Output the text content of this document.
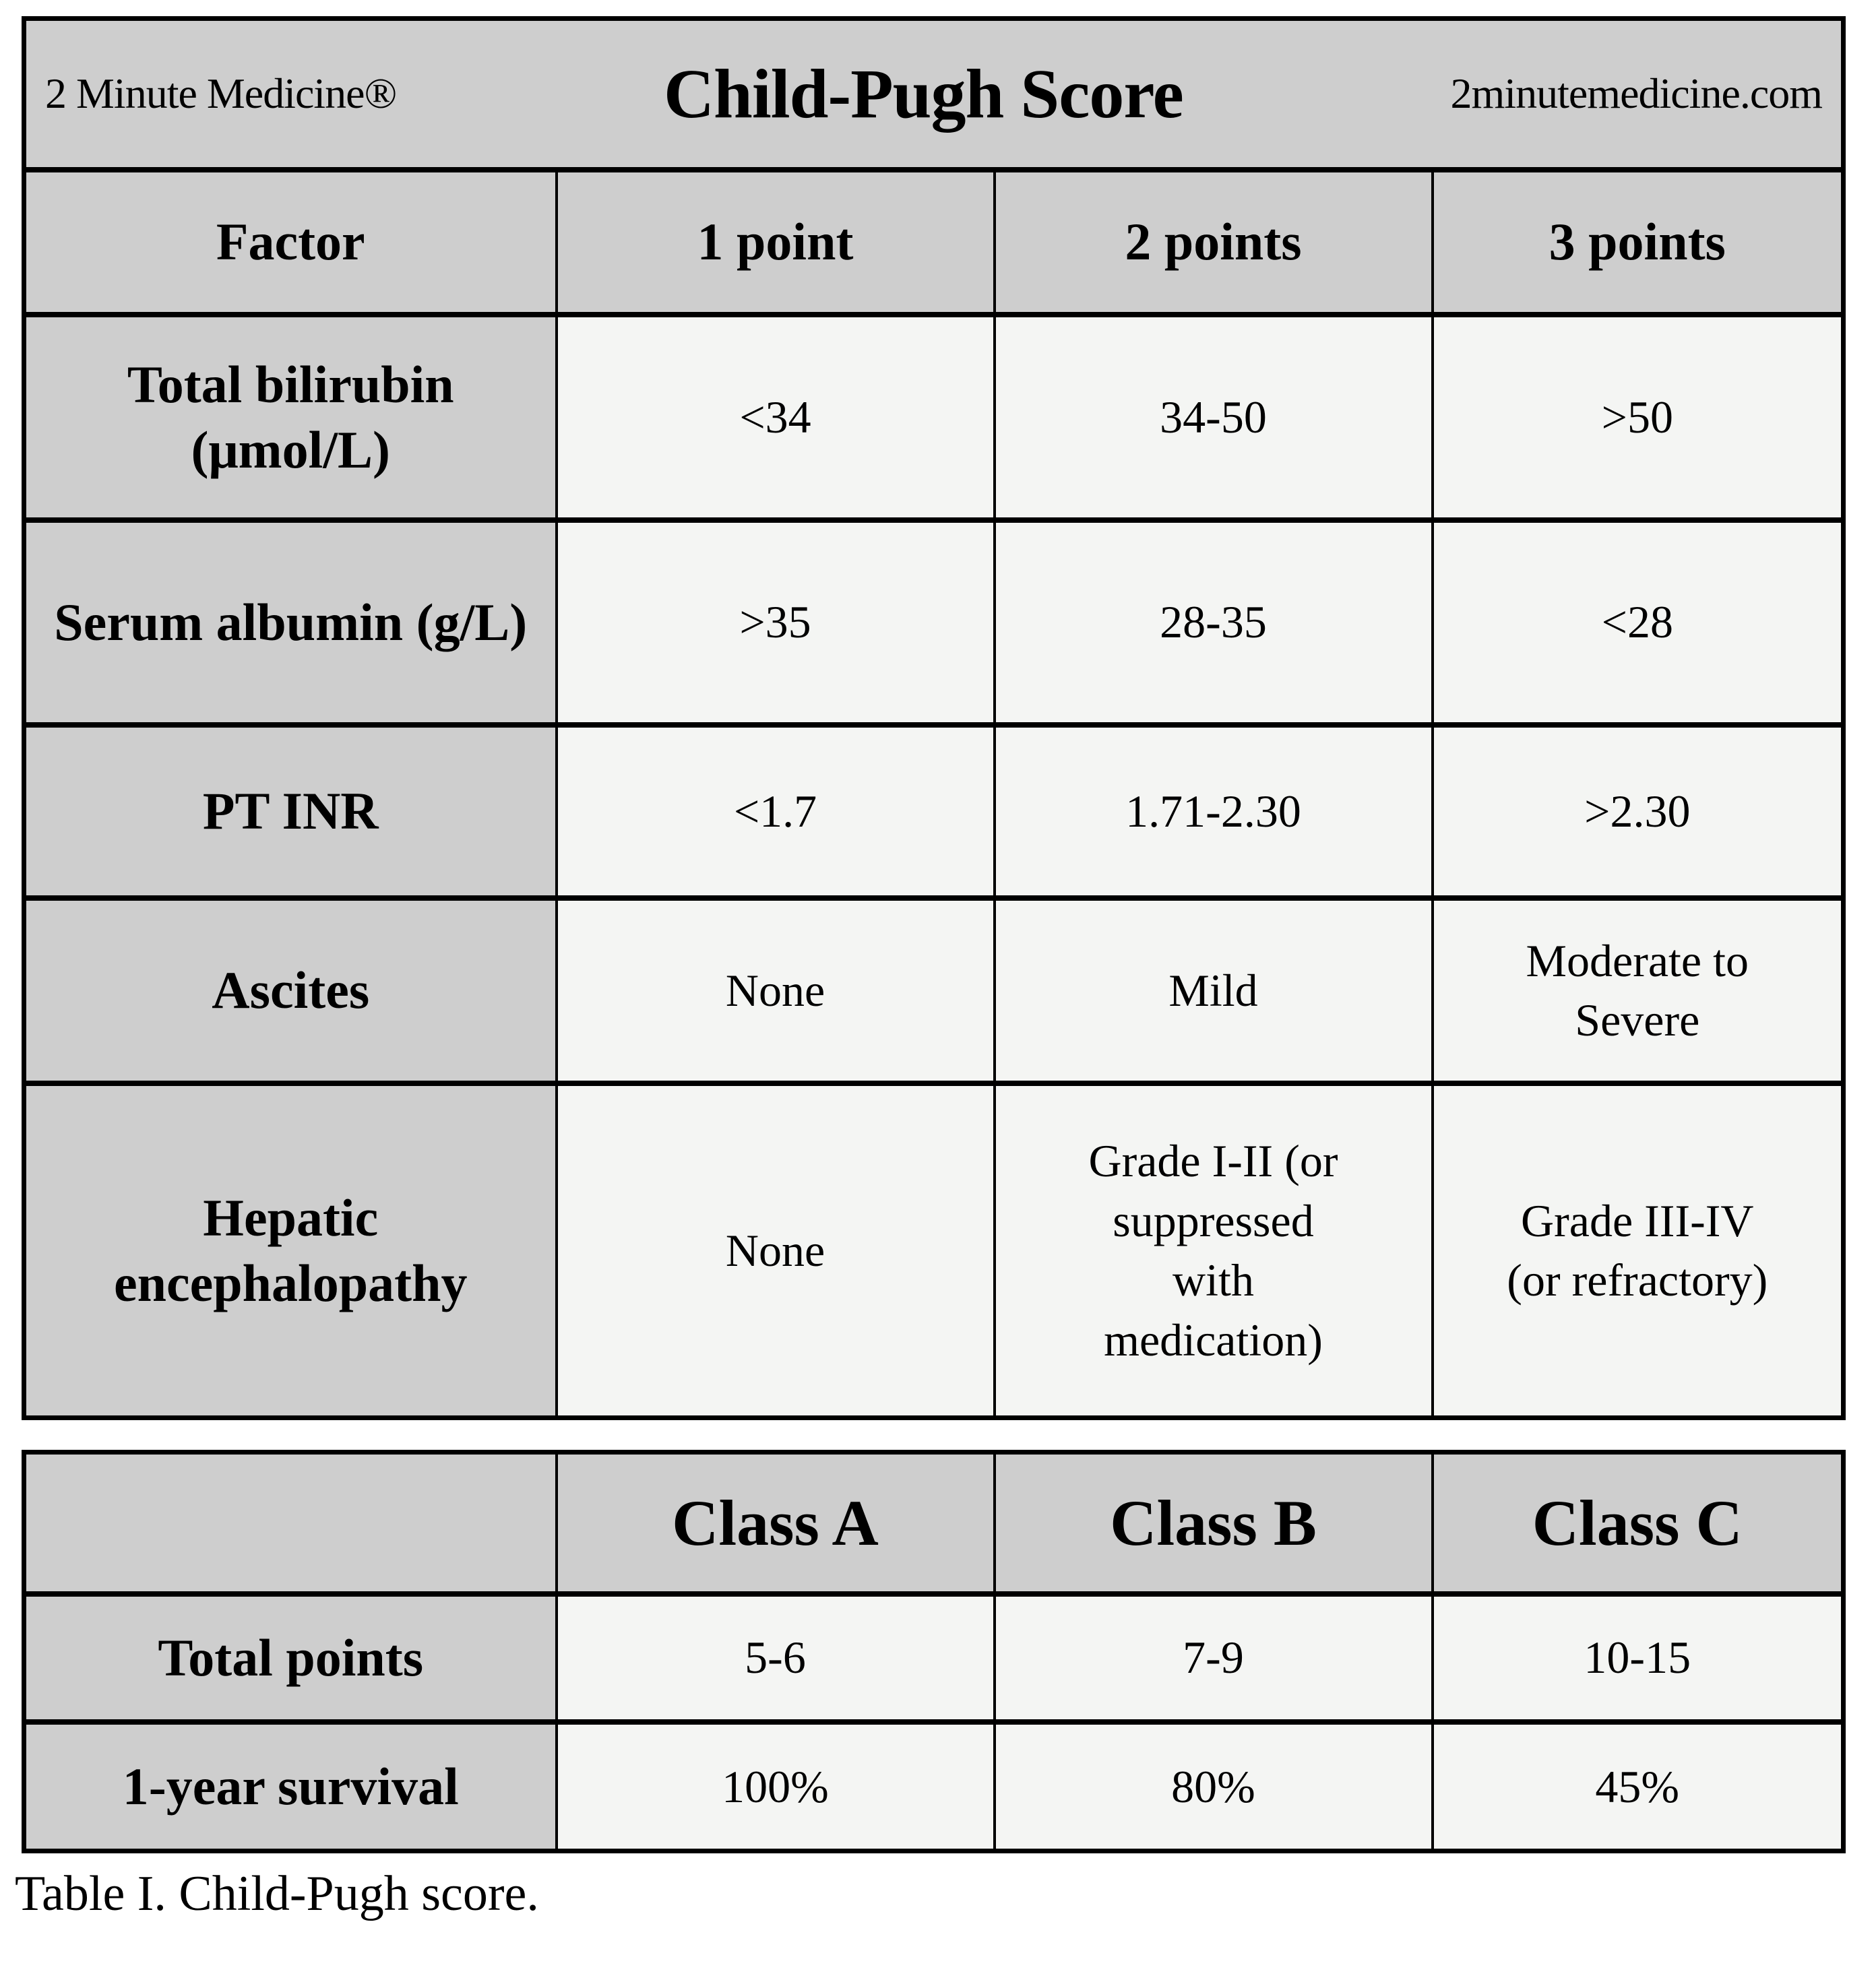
2 Minute Medicine® Child-Pugh Score 2minutemedicine.com			

Factor	1 point	2 points	3 points
Total bilirubin (μmol/L)	<34	34-50	>50
Serum albumin (g/L)	>35	28-35	<28
PT INR	<1.7	1.71-2.30	>2.30
Ascites	None	Mild	Moderate to Severe
Hepatic encephalopathy	None	Grade I-II (or suppressed with medication)	Grade III-IV (or refractory)
	Class A	Class B	Class C
Total points	5-6	7-9	10-15
1-year survival	100%	80%	45%
Table I. Child-Pugh score.
